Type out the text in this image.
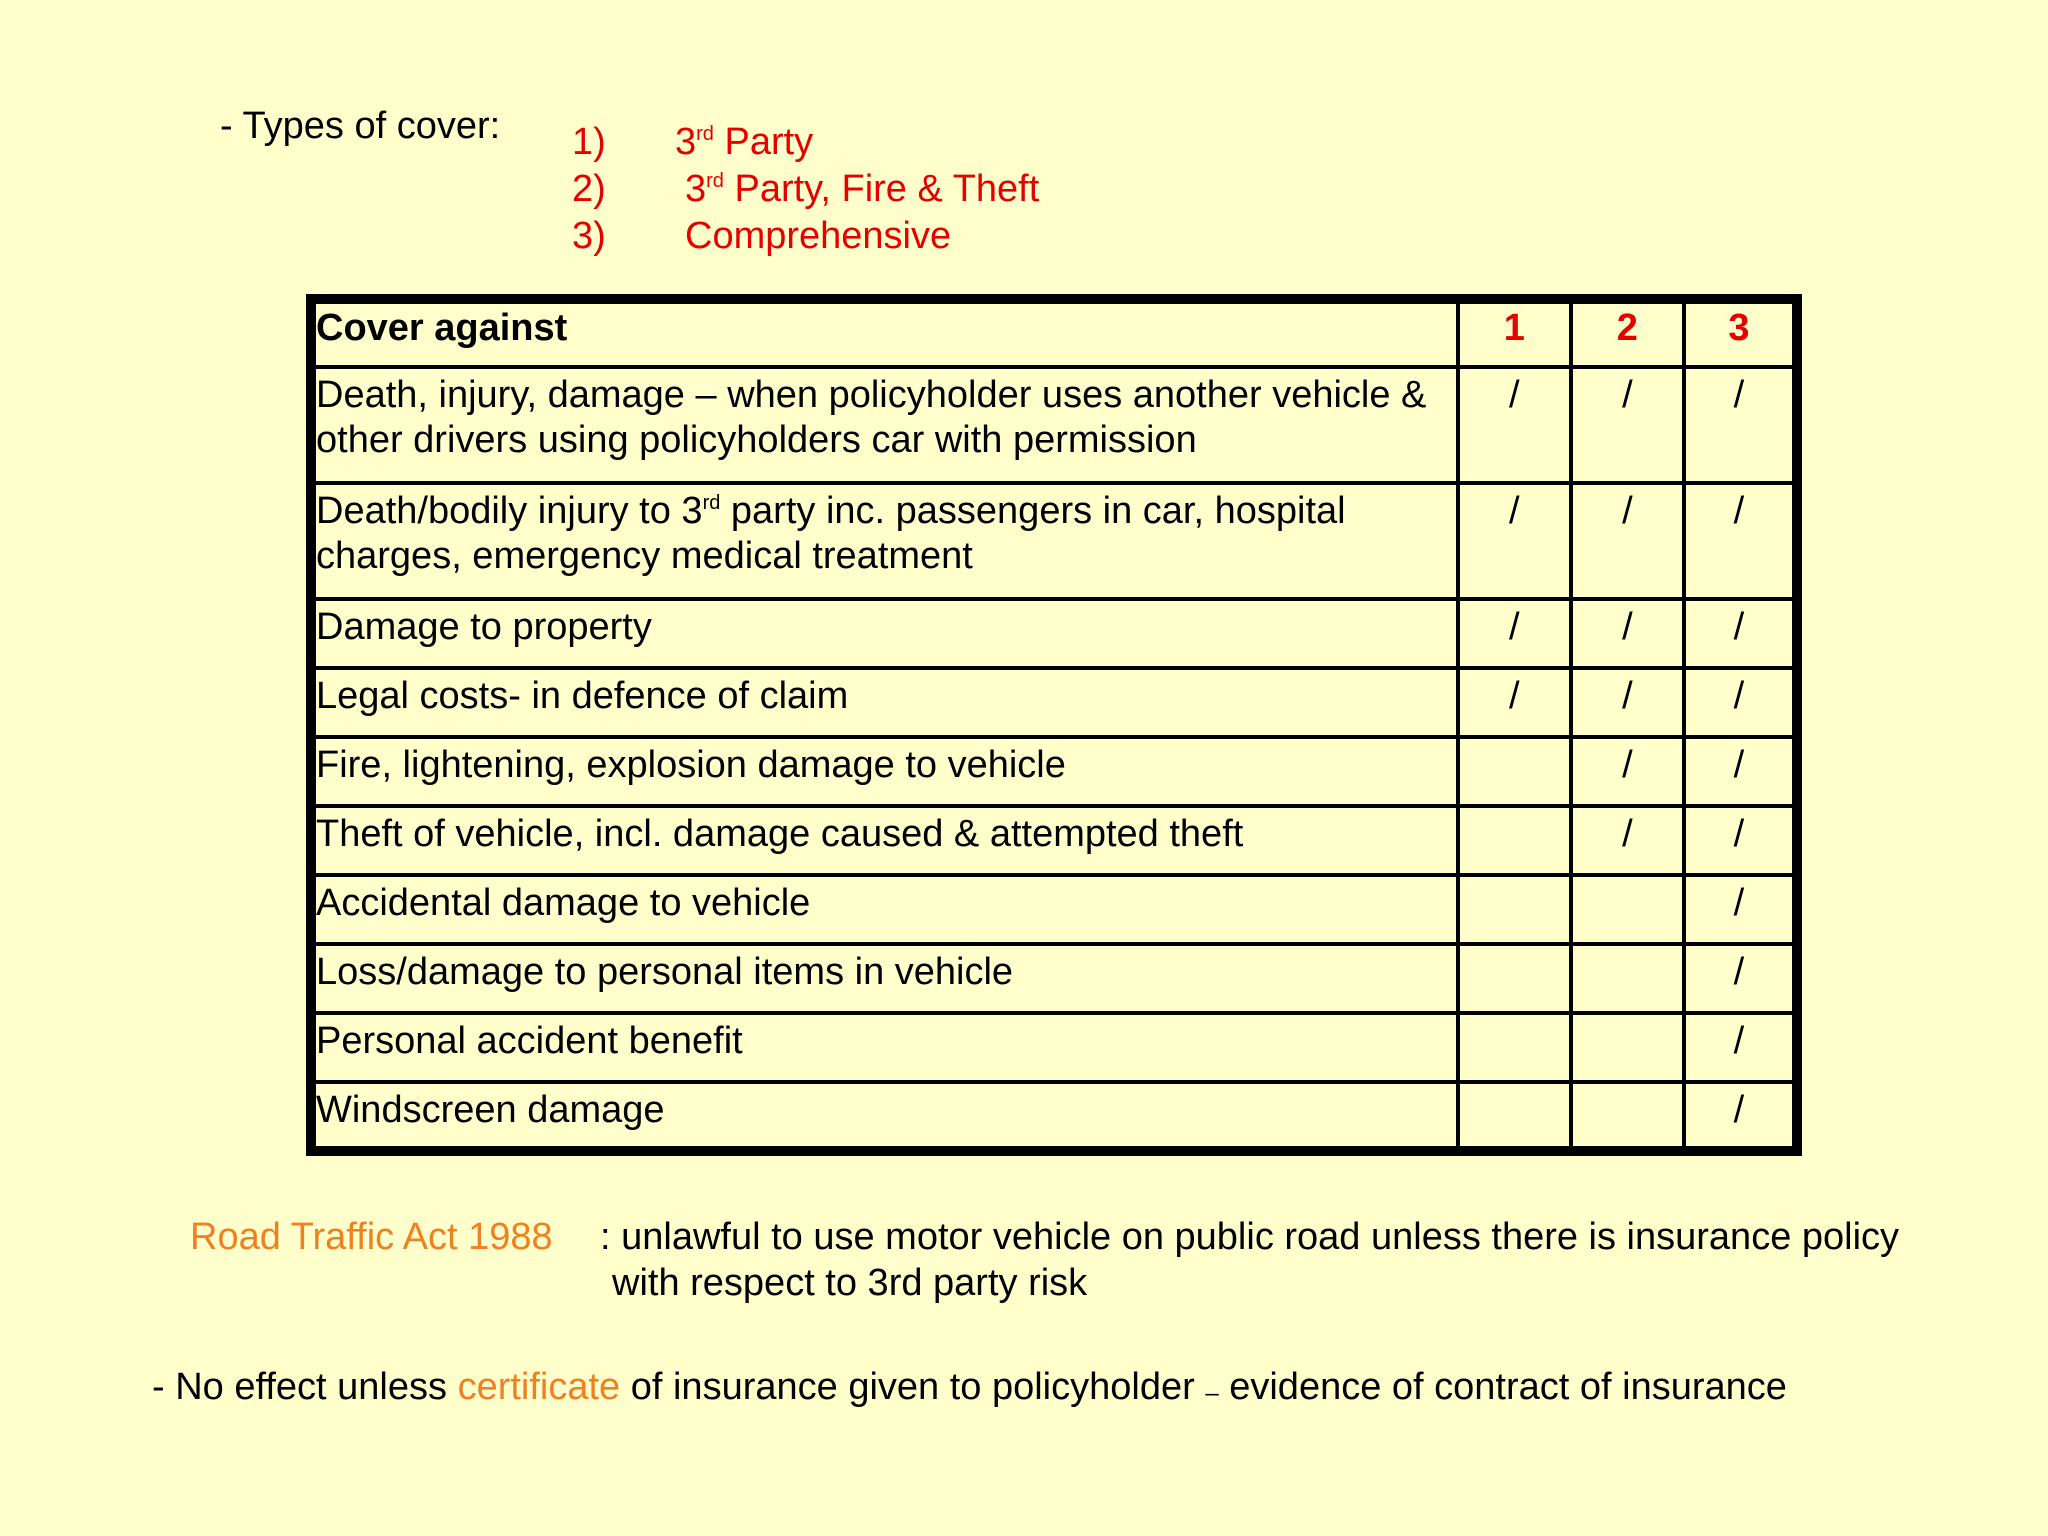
- Types of cover: 1) 3rd Party
2) 3rd Party, Fire & Theft
3) Comprehensive
Cover against	1	2	3
Death, injury, damage – when policyholder uses another vehicle & other drivers using policyholders car with permission	/	/	/
Death/bodily injury to 3rd party inc. passengers in car, hospital charges, emergency medical treatment	/	/	/
Damage to property	/	/	/
Legal costs- in defence of claim	/	/	/
Fire, lightening, explosion damage to vehicle		/	/
Theft of vehicle, incl. damage caused & attempted theft		/	/
Accidental damage to vehicle			/
Loss/damage to personal items in vehicle			/
Personal accident benefit			/
Windscreen damage			/
Road Traffic Act 1988 : unlawful to use motor vehicle on public road unless there is insurance policy with respect to 3rd party risk
- No effect unless certificate of insurance given to policyholder – evidence of contract of insurance
